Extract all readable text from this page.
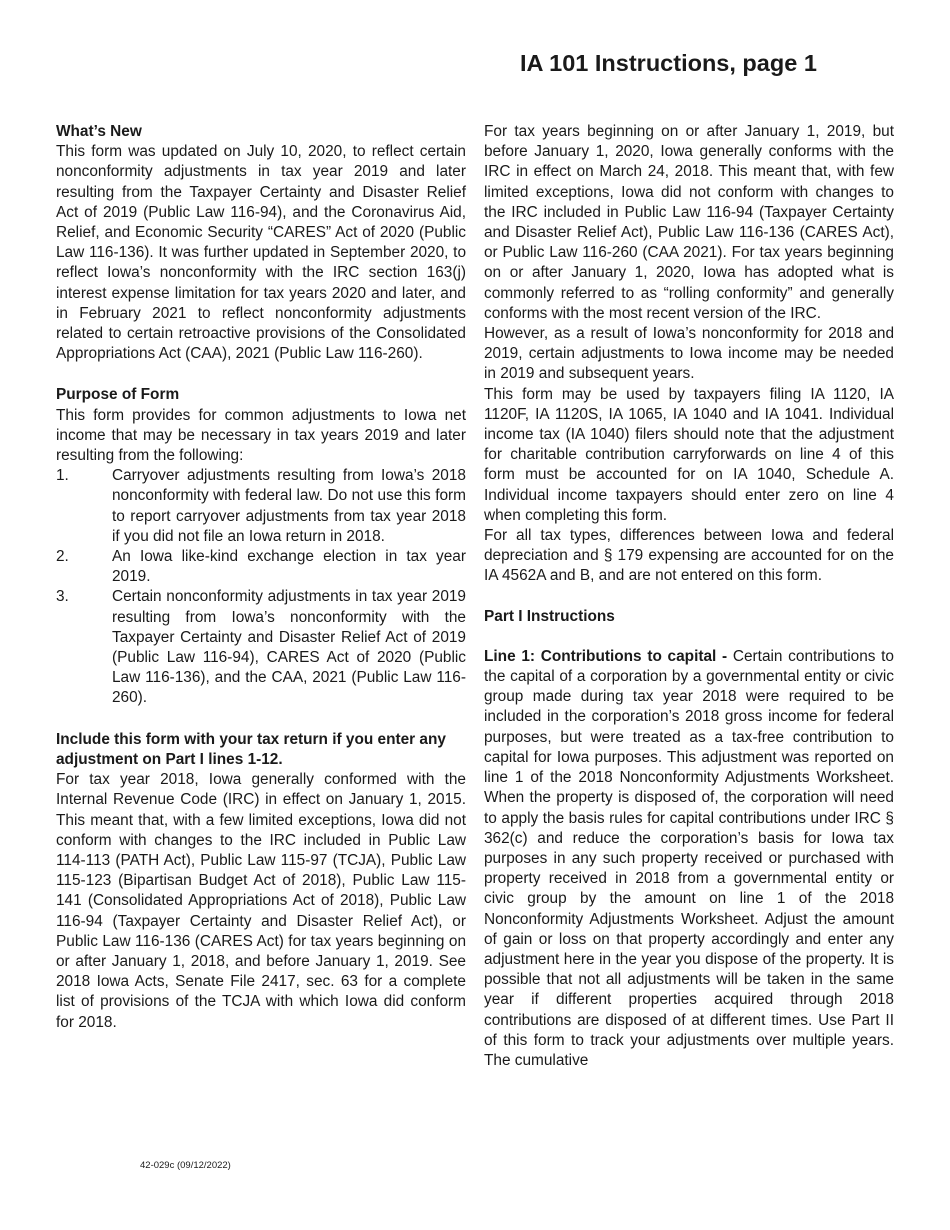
IA 101 Instructions, page 1
What’s New

This form was updated on July 10, 2020, to reflect certain nonconformity adjustments in tax year 2019 and later resulting from the Taxpayer Certainty and Disaster Relief Act of 2019 (Public Law 116-94), and the Coronavirus Aid, Relief, and Economic Security “CARES” Act of 2020 (Public Law 116-136). It was further updated in September 2020, to reflect Iowa’s nonconformity with the IRC section 163(j) interest expense limitation for tax years 2020 and later, and in February 2021 to reflect nonconformity adjustments related to certain retroactive provisions of the Consolidated Appropriations Act (CAA), 2021 (Public Law 116-260).

Purpose of Form

This form provides for common adjustments to Iowa net income that may be necessary in tax years 2019 and later resulting from the following:

1.	Carryover adjustments resulting from Iowa’s 2018 nonconformity with federal law. Do not use this form to report carryover adjustments from tax year 2018 if you did not file an Iowa return in 2018.
2.	An Iowa like-kind exchange election in tax year 2019.
3.	Certain nonconformity adjustments in tax year 2019 resulting from Iowa’s nonconformity with the Taxpayer Certainty and Disaster Relief Act of 2019 (Public Law 116-94), CARES Act of 2020 (Public Law 116-136), and the CAA, 2021 (Public Law 116-260).
Include this form with your tax return if you enter any adjustment on Part I lines 1-12.

For tax year 2018, Iowa generally conformed with the Internal Revenue Code (IRC) in effect on January 1, 2015. This meant that, with a few limited exceptions, Iowa did not conform with changes to the IRC included in Public Law 114-113 (PATH Act), Public Law 115-97 (TCJA), Public Law 115-123 (Bipartisan Budget Act of 2018), Public Law 115-141 (Consolidated Appropriations Act of 2018), Public Law 116-94 (Taxpayer Certainty and Disaster Relief Act), or Public Law 116-136 (CARES Act) for tax years beginning on or after January 1, 2018, and before January 1, 2019. See 2018 Iowa Acts, Senate File 2417, sec. 63 for a complete list of provisions of the TCJA with which Iowa did conform for 2018.

For tax years beginning on or after January 1, 2019, but before January 1, 2020, Iowa generally conforms with the IRC in effect on March 24, 2018. This meant that, with few limited exceptions, Iowa did not conform with changes to the IRC included in Public Law 116-94 (Taxpayer Certainty and Disaster Relief Act), Public Law 116-136 (CARES Act), or Public Law 116-260 (CAA 2021). For tax years beginning on or after January 1, 2020, Iowa has adopted what is commonly referred to as “rolling conformity” and generally conforms with the most recent version of the IRC.

However, as a result of Iowa’s nonconformity for 2018 and 2019, certain adjustments to Iowa income may be needed in 2019 and subsequent years.

This form may be used by taxpayers filing IA 1120, IA 1120F, IA 1120S, IA 1065, IA 1040 and IA 1041. Individual income tax (IA 1040) filers should note that the adjustment for charitable contribution carryforwards on line 4 of this form must be accounted for on IA 1040, Schedule A. Individual income taxpayers should enter zero on line 4 when completing this form.

For all tax types, differences between Iowa and federal depreciation and § 179 expensing are accounted for on the IA 4562A and B, and are not entered on this form.

Part I Instructions

Line 1: Contributions to capital - Certain contributions to the capital of a corporation by a governmental entity or civic group made during tax year 2018 were required to be included in the corporation’s 2018 gross income for federal purposes, but were treated as a tax-free contribution to capital for Iowa purposes. This adjustment was reported on line 1 of the 2018 Nonconformity Adjustments Worksheet. When the property is disposed of, the corporation will need to apply the basis rules for capital contributions under IRC § 362(c) and reduce the corporation’s basis for Iowa tax purposes in any such property received or purchased with property received in 2018 from a governmental entity or civic group by the amount on line 1 of the 2018 Nonconformity Adjustments Worksheet. Adjust the amount of gain or loss on that property accordingly and enter any adjustment here in the year you dispose of the property. It is possible that not all adjustments will be taken in the same year if different properties acquired through 2018 contributions are disposed of at different times. Use Part II of this form to track your adjustments over multiple years. The cumulative

42-029c (09/12/2022)
